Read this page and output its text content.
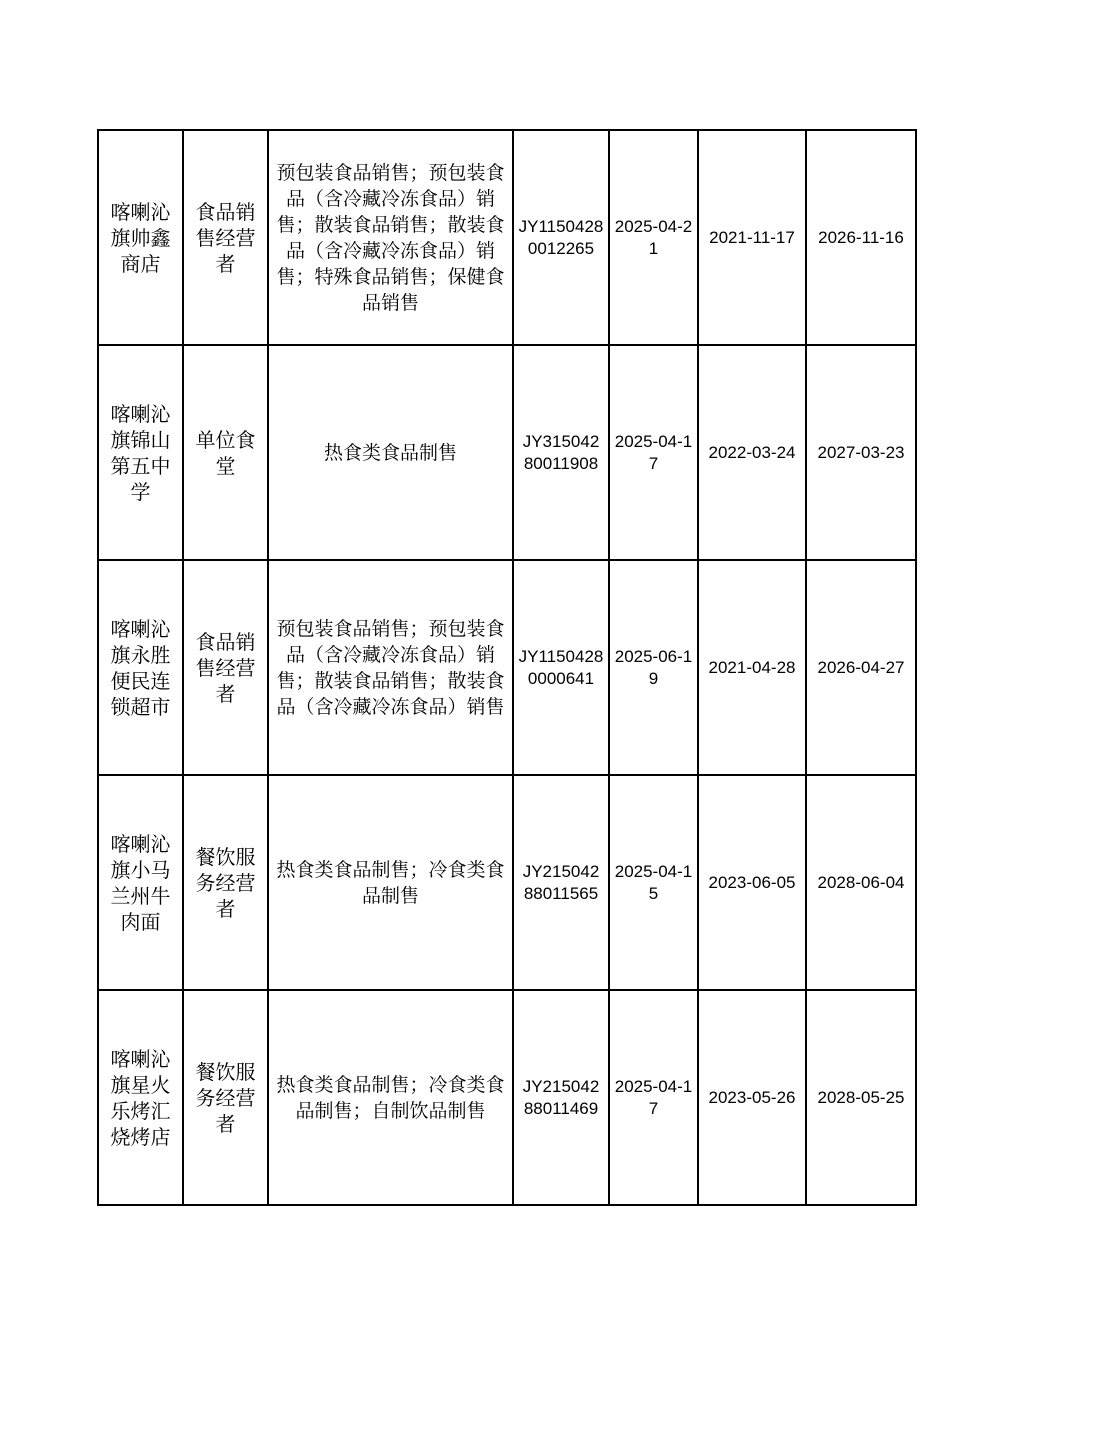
喀喇沁旗帅鑫商店	食品销售经营者	预包装食品销售；预包装食品（含冷藏冷冻食品）销售；散装食品销售；散装食品（含冷藏冷冻食品）销售；特殊食品销售；保健食品销售	JY11504280012265	2025-04-21	2021-11-17	2026-11-16
喀喇沁旗锦山第五中学	单位食堂	热食类食品制售	JY31504280011908	2025-04-17	2022-03-24	2027-03-23
喀喇沁旗永胜便民连锁超市	食品销售经营者	预包装食品销售；预包装食品（含冷藏冷冻食品）销售；散装食品销售；散装食品（含冷藏冷冻食品）销售	JY11504280000641	2025-06-19	2021-04-28	2026-04-27
喀喇沁旗小马兰州牛肉面	餐饮服务经营者	热食类食品制售；冷食类食品制售	JY21504288011565	2025-04-15	2023-06-05	2028-06-04
喀喇沁旗星火乐烤汇烧烤店	餐饮服务经营者	热食类食品制售；冷食类食品制售；自制饮品制售	JY21504288011469	2025-04-17	2023-05-26	2028-05-25
